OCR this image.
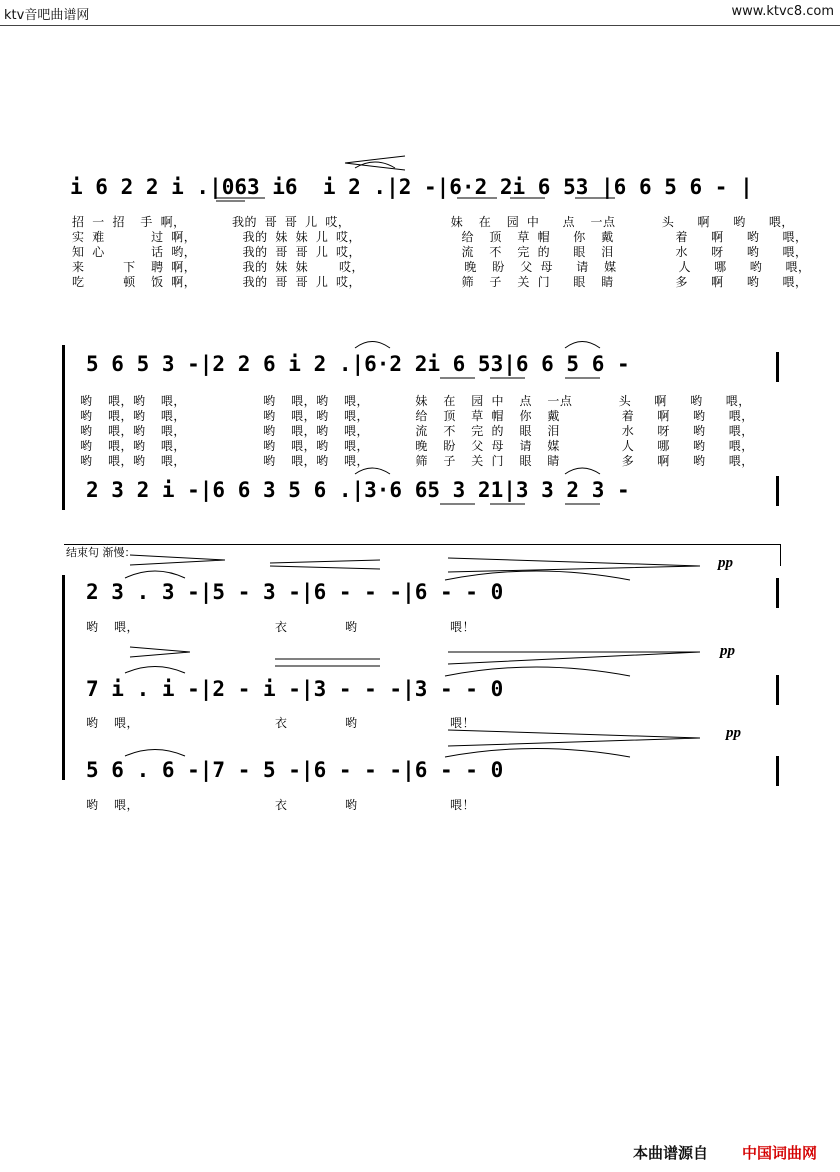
ktv音吧曲谱网	www.ktvc8.com
i 6 2 2 i .|063 i6  i 2 .|2 -|6·2 2i 6 53 |6 6 5 6 - |
招 一 招  手 啊，      我的 哥 哥 儿 哎，             妹  在  园 中   点  一点      头   啊   哟   喂，
实 难      过 啊，      我的 妹 妹 儿 哎，             给  顶  草 帽   你  戴        着   啊   哟   喂，
知 心      话 哟，      我的 哥 哥 儿 哎，             流  不  完 的   眼  泪        水   呀   哟   喂，
来     下  聘 啊，      我的 妹 妹    哎，             晚  盼  父 母   请  媒        人   哪   哟   喂，
吃     顿  饭 啊，      我的 哥 哥 儿 哎，             筛  子  关 门   眼  睛        多   啊   哟   喂，
5 6 5 3 -|2 2 6 i 2 .|6·2 2i 6 53|6 6 5 6 -
哟  喂，哟  喂，          哟  喂，哟  喂，      妹  在  园 中  点  一点      头   啊   哟   喂，
哟  喂，哟  喂，          哟  喂，哟  喂，      给  顶  草 帽  你  戴        着   啊   哟   喂，
哟  喂，哟  喂，          哟  喂，哟  喂，      流  不  完 的  眼  泪        水   呀   哟   喂，
哟  喂，哟  喂，          哟  喂，哟  喂，      晚  盼  父 母  请  媒        人   哪   哟   喂，
哟  喂，哟  喂，          哟  喂，哟  喂，      筛  子  关 门  眼  睛        多   啊   哟   喂，
2 3 2 i -|6 6 3 5 6 .|3·6 65 3 21|3 3 2 3 -
结束句 渐慢：
pp
2 3 . 3 -|5 - 3 -|6 - - -|6 - - 0
哟  喂，	衣	哟	喂！
pp
7 i . i -|2 - i -|3 - - -|3 - - 0
哟  喂，	衣	哟	喂！
pp
5 6 . 6 -|7 - 5 -|6 - - -|6 - - 0
哟  喂，	衣	哟	喂！
本曲谱源自 中国词曲网
